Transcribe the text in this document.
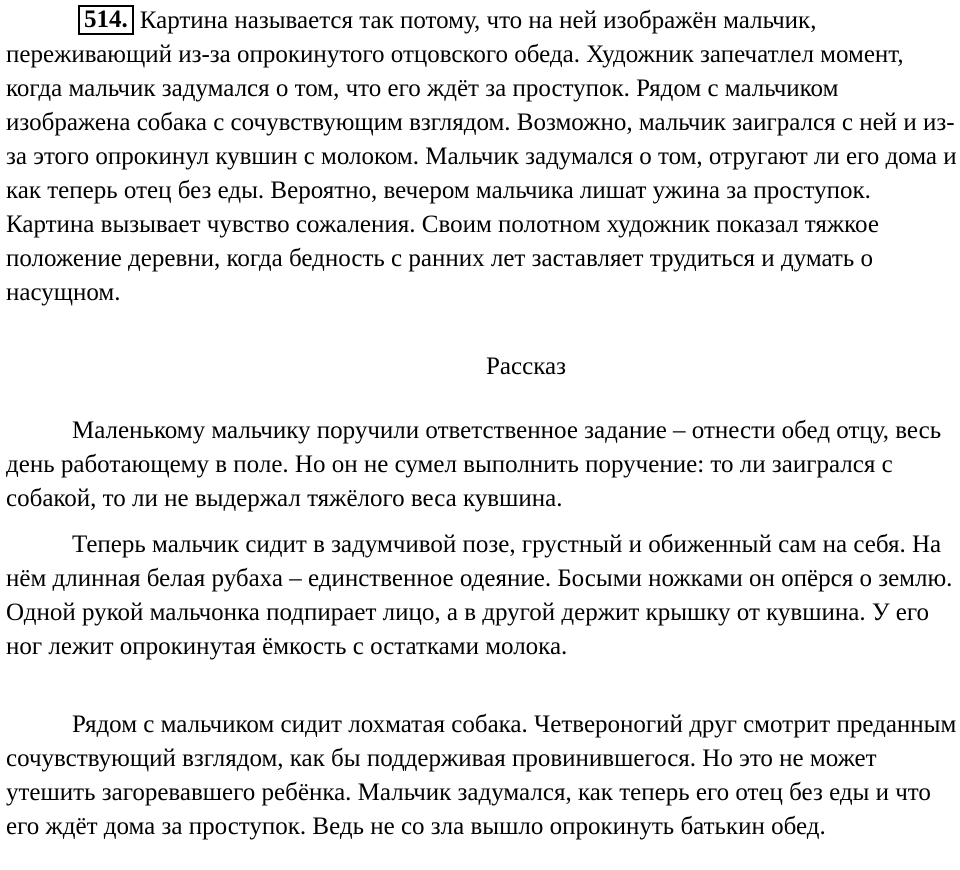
514. Картина называется так потому, что на ней изображён мальчик, переживающий из-за опрокинутого отцовского обеда. Художник запечатлел момент, когда мальчик задумался о том, что его ждёт за проступок. Рядом с мальчиком изображена собака с сочувствующим взглядом. Возможно, мальчик заигрался с ней и из-за этого опрокинул кувшин с молоком. Мальчик задумался о том, отругают ли его дома и как теперь отец без еды. Вероятно, вечером мальчика лишат ужина за проступок. Картина вызывает чувство сожаления. Своим полотном художник показал тяжкое положение деревни, когда бедность с ранних лет заставляет трудиться и думать о насущном.
Рассказ
Маленькому мальчику поручили ответственное задание – отнести обед отцу, весь день работающему в поле. Но он не сумел выполнить поручение: то ли заигрался с собакой, то ли не выдержал тяжёлого веса кувшина.
Теперь мальчик сидит в задумчивой позе, грустный и обиженный сам на себя. На нём длинная белая рубаха – единственное одеяние. Босыми ножками он опёрся о землю. Одной рукой мальчонка подпирает лицо, а в другой держит крышку от кувшина. У его ног лежит опрокинутая ёмкость с остатками молока.
Рядом с мальчиком сидит лохматая собака. Четвероногий друг смотрит преданным сочувствующий взглядом, как бы поддерживая провинившегося. Но это не может утешить загоревавшего ребёнка. Мальчик задумался, как теперь его отец без еды и что его ждёт дома за проступок. Ведь не со зла вышло опрокинуть батькин обед.
